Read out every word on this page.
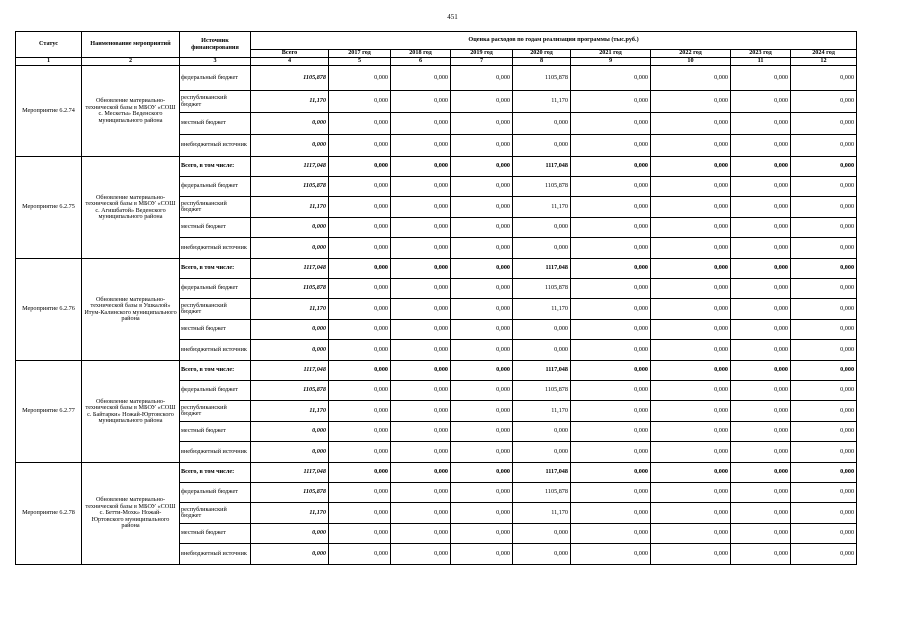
451
Статус	Наименование мероприятий	Источник финансирования	Оценка расходов по годам реализации программы (тыс.руб.)								
			Всего	2017 год	2018 год	2019 год	2020 год	2021 год	2022 год	2023 год	2024 год
1	2	3	4	5	6	7	8	9	10	11	12
Мероприятие 6.2.74	Обновление материально-технической базы в МБОУ «СОШ с. Мескеты» Веденского муниципального района	федеральный бюджет	1105,878	0,000	0,000	0,000	1105,878	0,000	0,000	0,000	0,000
		республиканский бюджет	11,170	0,000	0,000	0,000	11,170	0,000	0,000	0,000	0,000
		местный бюджет	0,000	0,000	0,000	0,000	0,000	0,000	0,000	0,000	0,000
		внебюджетный источник	0,000	0,000	0,000	0,000	0,000	0,000	0,000	0,000	0,000
Мероприятие 6.2.75	Обновление материально-технической базы в МБОУ «СОШ с. Агишбатой» Веденского муниципального района	Всего, в том числе:	1117,048	0,000	0,000	0,000	1117,048	0,000	0,000	0,000	0,000
		федеральный бюджет	1105,878	0,000	0,000	0,000	1105,878	0,000	0,000	0,000	0,000
		республиканский бюджет	11,170	0,000	0,000	0,000	11,170	0,000	0,000	0,000	0,000
		местный бюджет	0,000	0,000	0,000	0,000	0,000	0,000	0,000	0,000	0,000
		внебюджетный источник	0,000	0,000	0,000	0,000	0,000	0,000	0,000	0,000	0,000
Мероприятие 6.2.76	Обновление материально-технической базы в Ушкалой» Итум-Калинского муниципального района	Всего, в том числе:	1117,048	0,000	0,000	0,000	1117,048	0,000	0,000	0,000	0,000
		федеральный бюджет	1105,878	0,000	0,000	0,000	1105,878	0,000	0,000	0,000	0,000
		республиканский бюджет	11,170	0,000	0,000	0,000	11,170	0,000	0,000	0,000	0,000
		местный бюджет	0,000	0,000	0,000	0,000	0,000	0,000	0,000	0,000	0,000
		внебюджетный источник	0,000	0,000	0,000	0,000	0,000	0,000	0,000	0,000	0,000
Мероприятие 6.2.77	Обновление материально-технической базы в МБОУ «СОШ с. Байтарки» Ножай-Юртовского муниципального района	Всего, в том числе:	1117,048	0,000	0,000	0,000	1117,048	0,000	0,000	0,000	0,000
		федеральный бюджет	1105,878	0,000	0,000	0,000	1105,878	0,000	0,000	0,000	0,000
		республиканский бюджет	11,170	0,000	0,000	0,000	11,170	0,000	0,000	0,000	0,000
		местный бюджет	0,000	0,000	0,000	0,000	0,000	0,000	0,000	0,000	0,000
		внебюджетный источник	0,000	0,000	0,000	0,000	0,000	0,000	0,000	0,000	0,000
Мероприятие 6.2.78	Обновление материально-технической базы в МБОУ «СОШ с. Бетти-Мохк» Ножай-Юртовского муниципального района	Всего, в том числе:	1117,048	0,000	0,000	0,000	1117,048	0,000	0,000	0,000	0,000
		федеральный бюджет	1105,878	0,000	0,000	0,000	1105,878	0,000	0,000	0,000	0,000
		республиканский бюджет	11,170	0,000	0,000	0,000	11,170	0,000	0,000	0,000	0,000
		местный бюджет	0,000	0,000	0,000	0,000	0,000	0,000	0,000	0,000	0,000
		внебюджетный источник	0,000	0,000	0,000	0,000	0,000	0,000	0,000	0,000	0,000
